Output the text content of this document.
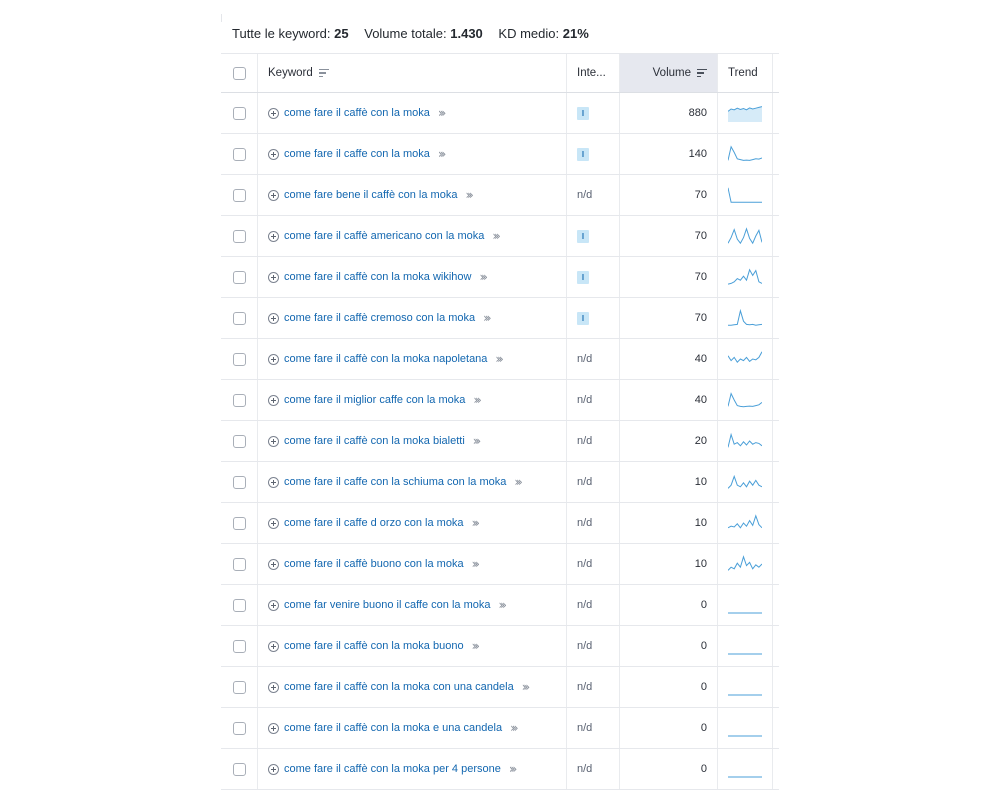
Tutte le keyword: 25 Volume totale: 1.430 KD medio: 21%
Keyword	Inte...	Volume	Trend
come fare il caffè con la moka ›››	I	880
come fare il caffe con la moka ›››	I	140
come fare bene il caffè con la moka ›››	n/d	70
come fare il caffè americano con la moka ›››	I	70
come fare il caffè con la moka wikihow ›››	I	70
come fare il caffè cremoso con la moka ›››	I	70
come fare il caffè con la moka napoletana ›››	n/d	40
come fare il miglior caffe con la moka ›››	n/d	40
come fare il caffè con la moka bialetti ›››	n/d	20
come fare il caffe con la schiuma con la moka ›››	n/d	10
come fare il caffe d orzo con la moka ›››	n/d	10
come fare il caffè buono con la moka ›››	n/d	10
come far venire buono il caffe con la moka ›››	n/d	0
come fare il caffè con la moka buono ›››	n/d	0
come fare il caffè con la moka con una candela ›››	n/d	0
come fare il caffè con la moka e una candela ›››	n/d	0
come fare il caffè con la moka per 4 persone ›››	n/d	0
